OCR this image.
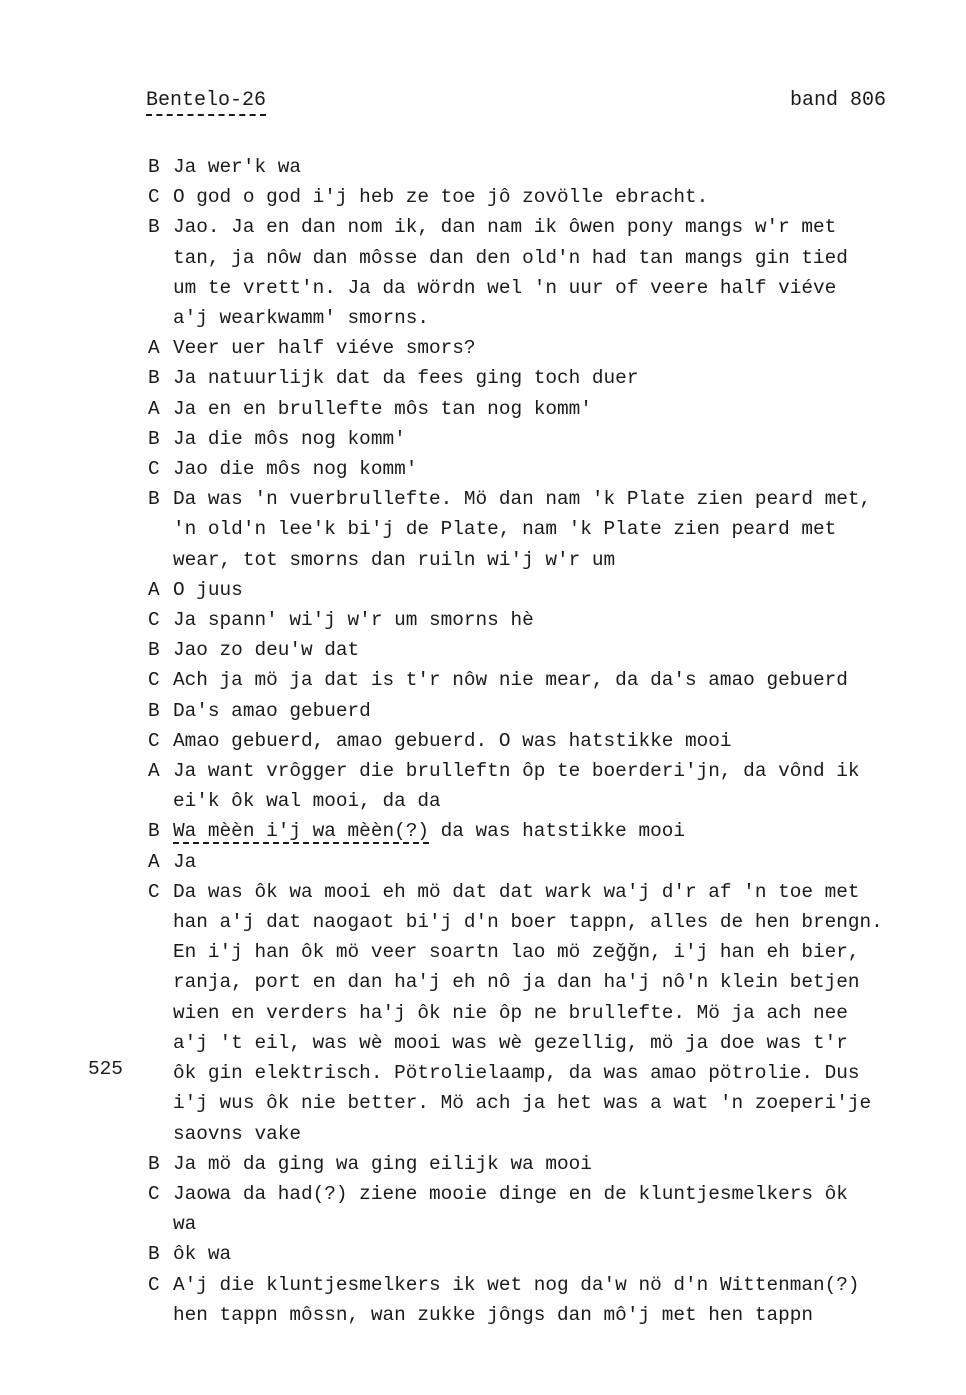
Bentelo-26	band 806
525
B Ja wer'k wa
C O god o god i'j heb ze toe jô zovölle ebracht.
B Jao. Ja en dan nom ik, dan nam ik ôwen pony mangs w'r met
tan, ja nôw dan môsse dan den old'n had tan mangs gin tied
um te vrett'n. Ja da wördn wel 'n uur of veere half viéve
a'j wearkwamm' smorns.
A Veer uer half viéve smors?
B Ja natuurlijk dat da fees ging toch duer
A Ja en en brullefte môs tan nog komm'
B Ja die môs nog komm'
C Jao die môs nog komm'
B Da was 'n vuerbrullefte. Mö dan nam 'k Plate zien peard met,
'n old'n lee'k bi'j de Plate, nam 'k Plate zien peard met
wear, tot smorns dan ruiln wi'j w'r um
A O juus
C Ja spann' wi'j w'r um smorns hè
B Jao zo deu'w dat
C Ach ja mö ja dat is t'r nôw nie mear, da da's amao gebuerd
B Da's amao gebuerd
C Amao gebuerd, amao gebuerd. O was hatstikke mooi
A Ja want vrôgger die brulleftn ôp te boerderi'jn, da vônd ik
ei'k ôk wal mooi, da da
B Wa mèèn i'j wa mèèn(?) da was hatstikke mooi
A Ja
C Da was ôk wa mooi eh mö dat dat wark wa'j d'r af 'n toe met
han a'j dat naogaot bi'j d'n boer tappn, alles de hen brengn.
En i'j han ôk mö veer soartn lao mö zeǧǧn, i'j han eh bier,
ranja, port en dan ha'j eh nô ja dan ha'j nô'n klein betjen
wien en verders ha'j ôk nie ôp ne brullefte. Mö ja ach nee
a'j 't eil, was wè mooi was wè gezellig, mö ja doe was t'r
ôk gin elektrisch. Pötrolielaamp, da was amao pötrolie. Dus
i'j wus ôk nie better. Mö ach ja het was a wat 'n zoeperi'je
saovns vake
B Ja mö da ging wa ging eilijk wa mooi
C Jaowa da had(?) ziene mooie dinge en de kluntjesmelkers ôk
wa
B ôk wa
C A'j die kluntjesmelkers ik wet nog da'w nö d'n Wittenman(?)
hen tappn môssn, wan zukke jôngs dan mô'j met hen tappn
